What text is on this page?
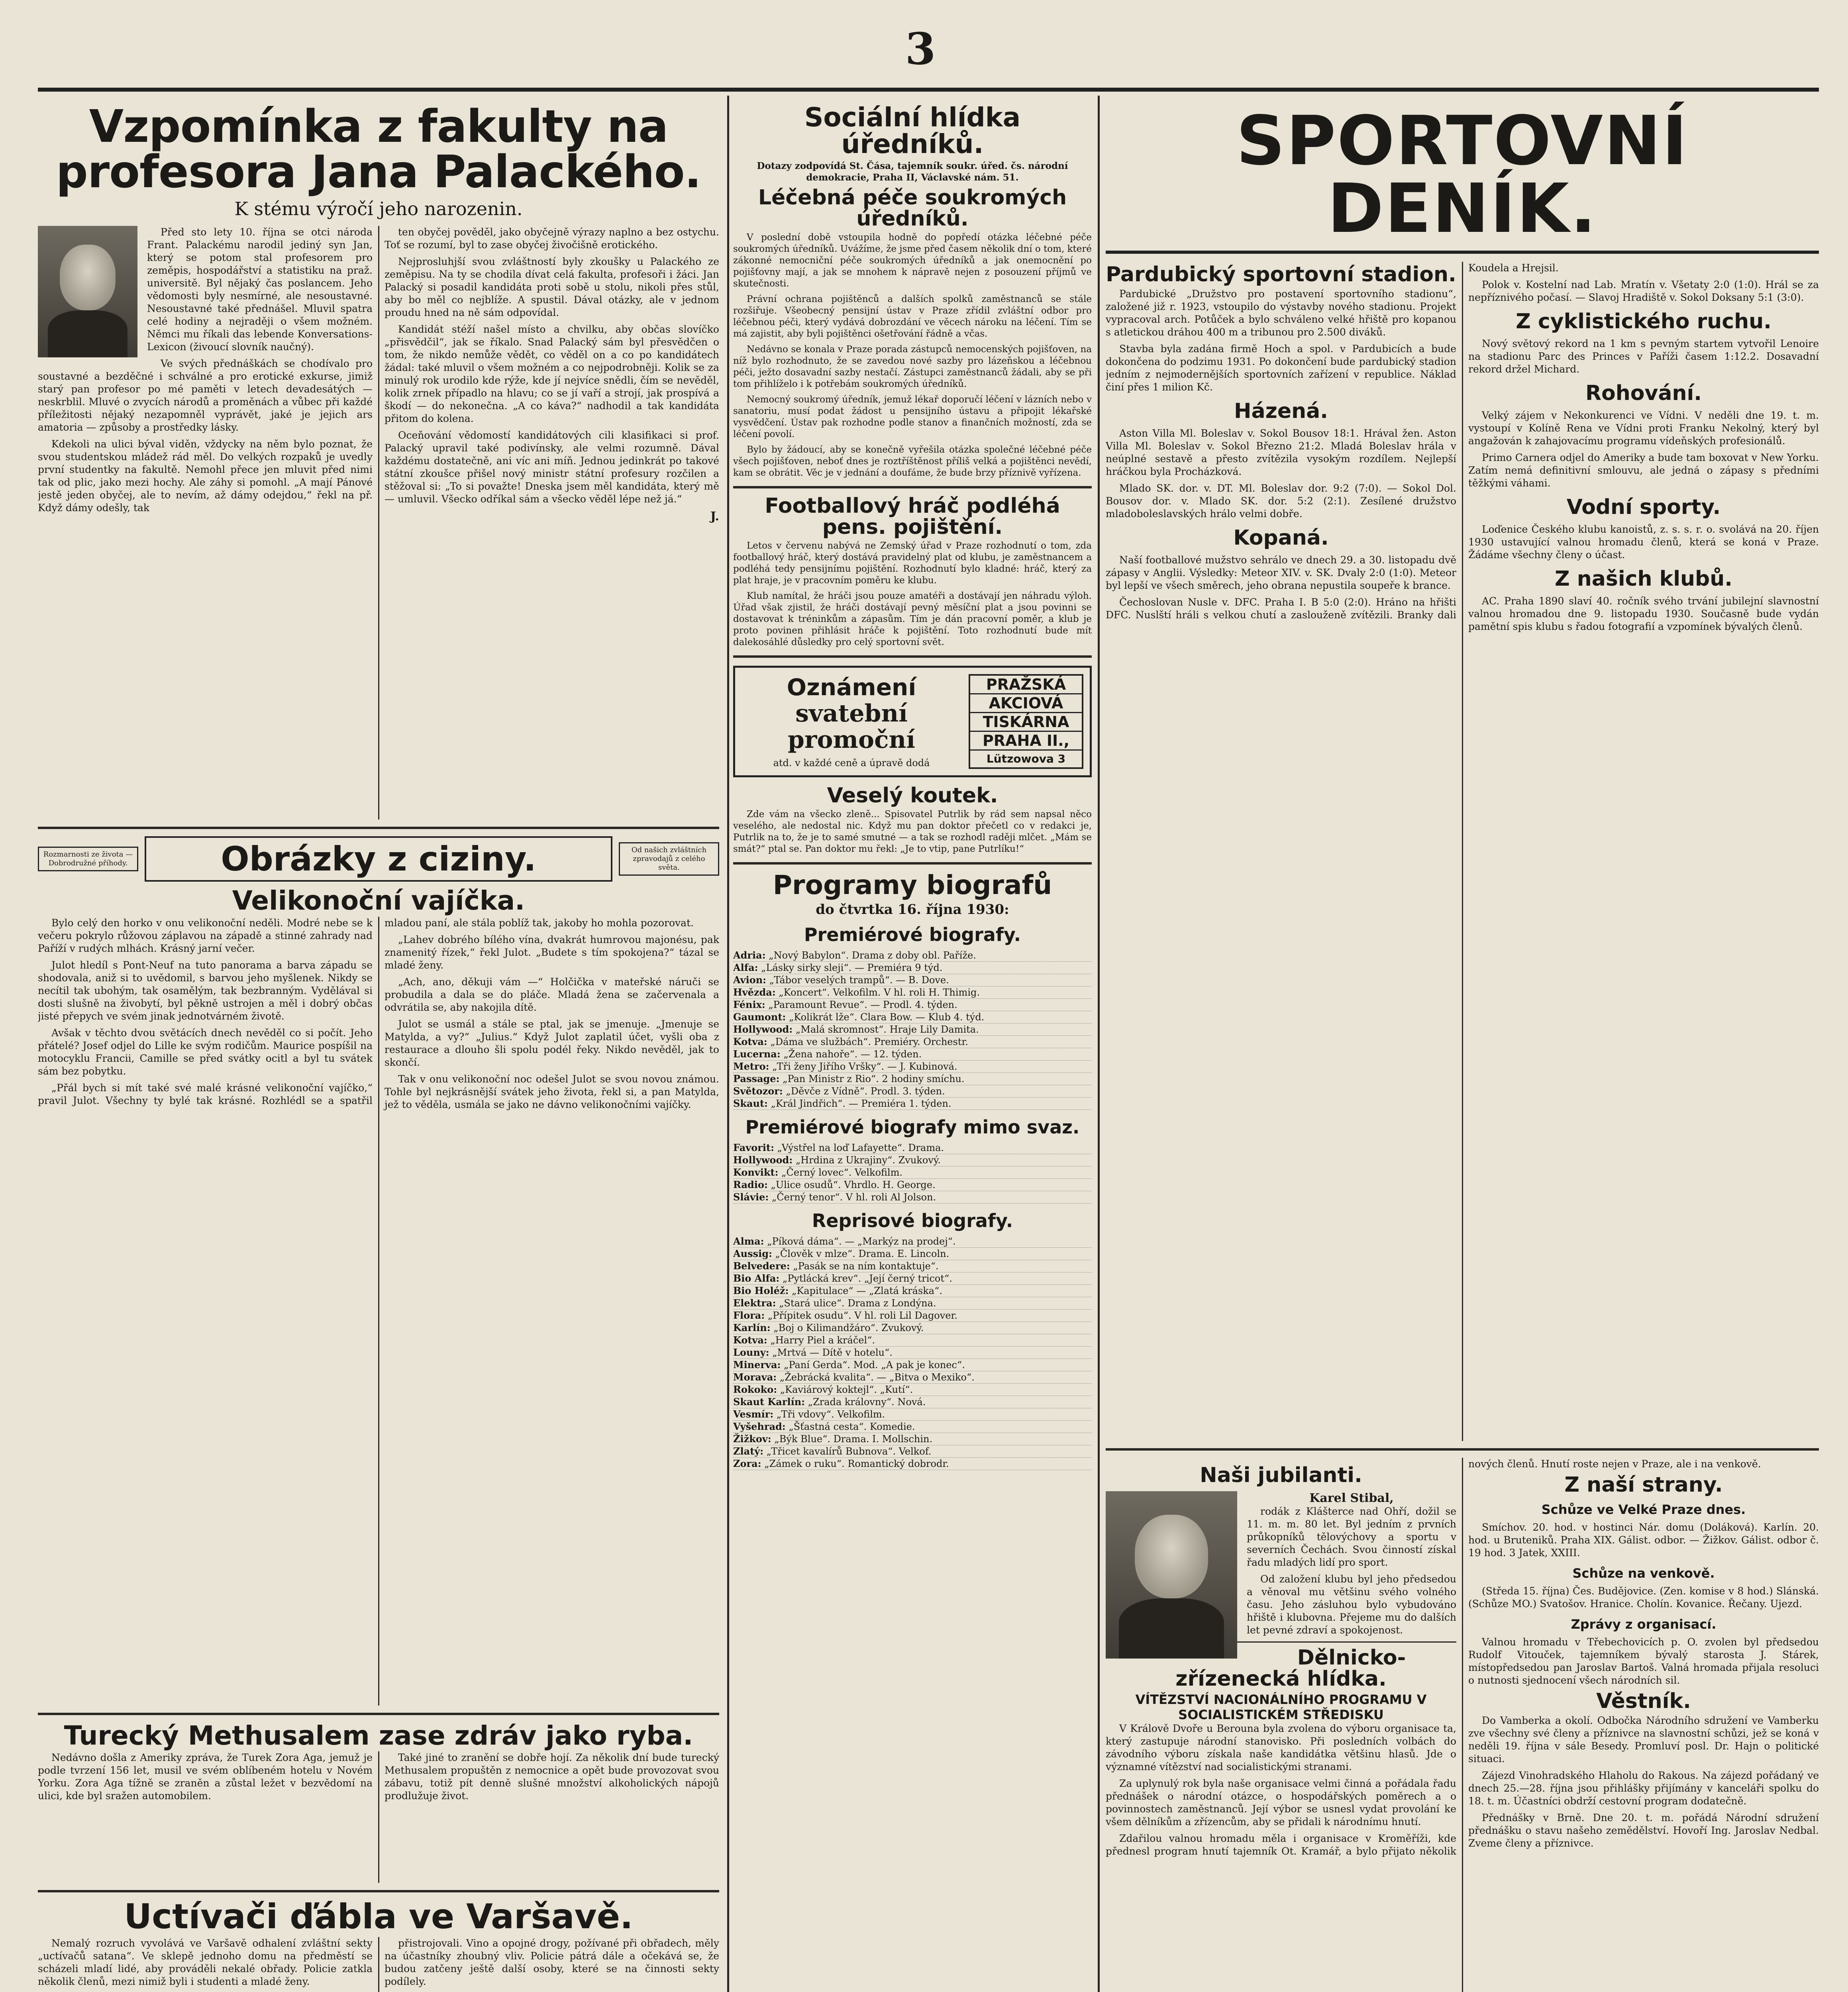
3
Vzpomínka z fakulty na profesora Jana Palackého.
K stému výročí jeho narozenin.

Před sto lety 10. října se otci národa Frant. Palackému narodil jediný syn Jan, který se potom stal profesorem pro zeměpis, hospodářství a statistiku na praž. universitě. Byl nějaký čas poslancem. Jeho vědomosti byly nesmírné, ale nesoustavné. Nesoustavné také přednášel. Mluvil spatra celé hodiny a nejraději o všem možném. Němci mu říkali das lebende Konversations-Lexicon (živoucí slovník naučný).

Ve svých přednáškách se chodívalo pro soustavné a bezděčné i schválné a pro erotické exkurse, jimiž starý pan profesor po mé paměti v letech devadesátých — neskrblil. Mluvé o zvycích národů a proměnách a vůbec při každé příležitosti nějaký nezapomněl vyprávět, jaké je jejich ars amatoria — způsoby a prostředky lásky.

Kdekoli na ulici býval viděn, vždycky na něm bylo poznat, že svou studentskou mládež rád měl. Do velkých rozpaků je uvedly první studentky na fakultě. Nemohl přece jen mluvit před nimi tak od plic, jako mezi hochy. Ale záhy si pomohl. „A mají Pánové jestě jeden obyčej, ale to nevím, až dámy odejdou,“ řekl na př. Když dámy odešly, tak

ten obyčej pověděl, jako obyčejně výrazy naplno a bez ostychu. Toť se rozumí, byl to zase obyčej živočišně erotického.

Nejprosluhjší svou zvláštností byly zkoušky u Palackého ze zeměpisu. Na ty se chodila dívat celá fakulta, profesoři i žáci. Jan Palacký si posadil kandidáta proti sobě u stolu, nikoli přes stůl, aby bo měl co nejblíže. A spustil. Dával otázky, ale v jednom proudu hned na ně sám odpovídal.

Kandidát stéží našel místo a chvilku, aby občas slovíčko „přisvědčil“, jak se říkalo. Snad Palacký sám byl přesvědčen o tom, že nikdo nemůže vědět, co věděl on a co po kandidátech žádal: také mluvil o všem možném a co nejpodrobněji. Kolik se za minulý rok urodilo kde rýže, kde jí nejvíce snědli, čím se nevěděl, kolik zrnek případlo na hlavu; co se jí vaří a strojí, jak prospívá a škodí — do nekonečna. „A co káva?“ nadhodil a tak kandidáta přitom do kolena.

Oceňování vědomostí kandidátových cili klasifikaci si prof. Palacký upravil také podivínsky, ale velmi rozumně. Dával každému dostatečně, ani víc ani míň. Jednou jedinkrát po takové státní zkoušce přišel nový ministr státní profesury rozčilen a stěžoval si: „To si považte! Dneska jsem měl kandidáta, který mě — umluvil. Všecko odříkal sám a všecko věděl lépe než já.“

J.
Rozmarnosti ze života — Dobrodružné příhody.	Obrázky z ciziny.	Od našich zvláštních zpravodajů z celého světa.
Velikonoční vajíčka.

Bylo celý den horko v onu velikonoční neděli. Modré nebe se k večeru pokrylo růžovou záplavou na západě a stinné zahrady nad Paříží v rudých mlhách. Krásný jarní večer.

Julot hledíl s Pont-Neuf na tuto panorama a barva západu se shodovala, aniž si to uvědomil, s barvou jeho myšlenek. Nikdy se necítil tak ubohým, tak osamělým, tak bezbranným. Vydělával si dosti slušně na živobytí, byl pěkně ustrojen a měl i dobrý občas jisté přepych ve svém jinak jednotvárném životě.

Avšak v těchto dvou světácích dnech nevěděl co si počít. Jeho přátelé? Josef odjel do Lille ke svým rodičům. Maurice pospíšil na motocyklu Francii, Camille se před svátky ocitl a byl tu svátek sám bez pobytku.

„Přál bych si mít také své malé krásné velikonoční vajíčko,“ pravil Julot. Všechny ty bylé tak krásné. Rozhlédl se a spatřil mladou paní, ale stála poblíž tak, jakoby ho mohla pozorovat.

„Lahev dobrého bílého vína, dvakrát humrovou majonésu, pak znamenitý řízek,“ řekl Julot. „Budete s tím spokojena?“ tázal se mladé ženy.

„Ach, ano, děkuji vám —“ Holčička v mateřské náruči se probudila a dala se do pláče. Mladá žena se začervenala a odvrátila se, aby nakojila dítě.

Julot se usmál a stále se ptal, jak se jmenuje. „Jmenuje se Matylda, a vy?“ „Julius.“ Když Julot zaplatil účet, vyšli oba z restaurace a dlouho šli spolu podél řeky. Nikdo nevěděl, jak to skončí.

Tak v onu velikonoční noc odešel Julot se svou novou známou. Tohle byl nejkrásnější svátek jeho života, řekl si, a pan Matylda, jež to věděla, usmála se jako ne dávno velikonočními vajíčky.

Turecký Methusalem zase zdráv jako ryba.

Nedávno došla z Ameriky zpráva, že Turek Zora Aga, jemuž je podle tvrzení 156 let, musil ve svém oblíbeném hotelu v Novém Yorku. Zora Aga tížně se zraněn a zůstal ležet v bezvědomí na ulici, kde byl sražen automobilem.

Také jiné to zranění se dobře hojí. Za několik dní bude turecký Methusalem propuštěn z nemocnice a opět bude provozovat svou zábavu, totiž pít denně slušné množství alkoholických nápojů prodlužuje život.

Uctívači ďábla ve Varšavě.

Nemalý rozruch vyvolává ve Varšavě odhalení zvláštní sekty „uctívačů satana“. Ve sklepě jednoho domu na předměstí se scházeli mladí lidé, aby prováděli nekalé obřady. Policie zatkla několik členů, mezi nimiž byli i studenti a mladé ženy.

přistrojovali. Vino a opojné drogy, požívané při obřadech, měly na účastníky zhoubný vliv. Policie pátrá dále a očekává se, že budou zatčeny ještě další osoby, které se na činnosti sekty podílely.

Sociální hlídka úředníků.

Dotazy zodpovídá St. Čása, tajemník soukr. úřed. čs. národní demokracie, Praha II, Václavské nám. 51.

Léčebná péče soukromých úředníků.

V poslední době vstoupila hodně do popředí otázka léčebné péče soukromých úředníků. Uvážíme, že jsme před časem několik dní o tom, které zákonné nemocniční péče soukromých úředníků a jak onemocnění po pojišťovny mají, a jak se mnohem k nápravě nejen z posouzení příjmů ve skutečnosti.

Právní ochrana pojištěnců a dalších spolků zaměstnanců se stále rozšiřuje. Všeobecný pensijní ústav v Praze zřídil zvláštní odbor pro léčebnou péči, který vydává dobrozdání ve věcech nároku na léčení. Tím se má zajistit, aby byli pojištěnci ošetřování řádně a včas.

Nedávno se konala v Praze porada zástupců nemocenských pojišťoven, na níž bylo rozhodnuto, že se zavedou nové sazby pro lázeňskou a léčebnou péči, ježto dosavadní sazby nestačí. Zástupci zaměstnanců žádali, aby se při tom přihlíželo i k potřebám soukromých úředníků.

Nemocný soukromý úředník, jemuž lékař doporučí léčení v lázních nebo v sanatoriu, musí podat žádost u pensijního ústavu a připojit lékařské vysvědčení. Ústav pak rozhodne podle stanov a finančních možností, zda se léčení povolí.

Bylo by žádoucí, aby se konečně vyřešila otázka společné léčebné péče všech pojišťoven, neboť dnes je roztříštěnost příliš velká a pojištěnci nevědí, kam se obrátit. Věc je v jednání a doufáme, že bude brzy příznivě vyřízena.

Footballový hráč podléhá pens. pojištění.

Letos v červenu nabývá ne Zemský úřad v Praze rozhodnutí o tom, zda footballový hráč, který dostává pravidelný plat od klubu, je zaměstnancem a podléhá tedy pensijnímu pojištění. Rozhodnutí bylo kladné: hráč, který za plat hraje, je v pracovním poměru ke klubu.

Klub namítal, že hráči jsou pouze amatéři a dostávají jen náhradu výloh. Úřad však zjistil, že hráči dostávají pevný měsíční plat a jsou povinni se dostavovat k tréninkům a zápasům. Tím je dán pracovní poměr, a klub je proto povinen přihlásit hráče k pojištění. Toto rozhodnutí bude mít dalekosáhlé důsledky pro celý sportovní svět.

Oznámení
svatební
promoční
atd. v každé ceně a úpravě dodá
PRAŽSKÁ
AKCIOVÁ
TISKÁRNA
PRAHA II.,
Lützowova 3
Veselý koutek.

Zde vám na všecko zleně... Spisovatel Putrlik by rád sem napsal něco veselého, ale nedostal nic. Když mu pan doktor přečetl co v redakci je, Putrlik na to, že je to samé smutné — a tak se rozhodl raději mlčet. „Mám se smát?“ ptal se. Pan doktor mu řekl: „Je to vtip, pane Putrlíku!“

Programy biografů
do čtvrtka 16. října 1930:
Premiérové biografy.
Adria: „Nový Babylon“. Drama z doby obl. Paříže.
Alfa: „Lásky sirky sleji“. — Premiéra 9 týd.
Avion: „Tábor veselých trampů“. — B. Dove.
Hvězda: „Koncert“. Velkofilm. V hl. roli H. Thimig.
Fénix: „Paramount Revue“. — Prodl. 4. týden.
Gaumont: „Kolikrát lže“. Clara Bow. — Klub 4. týd.
Hollywood: „Malá skromnost“. Hraje Lily Damita.
Kotva: „Dáma ve službách“. Premiéry. Orchestr.
Lucerna: „Žena nahoře“. — 12. týden.
Metro: „Tři ženy Jiřího Vršky“. — J. Kubinová.
Passage: „Pan Ministr z Rio“. 2 hodiny smíchu.
Světozor: „Děvče z Vídně“. Prodl. 3. týden.
Skaut: „Král Jindřich“. — Premiéra 1. týden.
Premiérové biografy mimo svaz.
Favorit: „Výstřel na loď Lafayette“. Drama.
Hollywood: „Hrdina z Ukrajiny“. Zvukový.
Konvikt: „Černý lovec“. Velkofilm.
Radio: „Ulice osudů“. Vhrdlo. H. George.
Slávie: „Černý tenor“. V hl. roli Al Jolson.
Reprisové biografy.
Alma: „Píková dáma“. — „Markýz na prodej“.
Aussig: „Člověk v mlze“. Drama. E. Lincoln.
Belvedere: „Pasák se na ním kontaktuje“.
Bio Alfa: „Pytlácká krev“. „Její černý tricot“.
Bio Holéž: „Kapitulace“ — „Zlatá kráska“.
Elektra: „Stará ulice“. Drama z Londýna.
Flora: „Přípitek osudu“. V hl. roli Lil Dagover.
Karlín: „Boj o Kilimandžáro“. Zvukový.
Kotva: „Harry Piel a kráčel“.
Louny: „Mrtvá — Dítě v hotelu“.
Minerva: „Paní Gerda“. Mod. „A pak je konec“.
Morava: „Žebrácká kvalita“. — „Bitva o Mexiko“.
Rokoko: „Kaviárový koktejl“. „Kutí“.
Skaut Karlín: „Zrada královny“. Nová.
Vesmír: „Tři vdovy“. Velkofilm.
Vyšehrad: „Šťastná cesta“. Komedie.
Žižkov: „Býk Blue“. Drama. I. Mollschin.
Zlatý: „Třicet kavalírů Bubnova“. Velkof.
Zora: „Zámek o ruku“. Romantický dobrodr.
SPORTOVNÍ DENÍK.
Pardubický sportovní stadion.

Pardubické „Družstvo pro postavení sportovního stadionu“, založené již r. 1923, vstoupilo do výstavby nového stadionu. Projekt vypracoval arch. Potůček a bylo schváleno velké hřiště pro kopanou s atletickou dráhou 400 m a tribunou pro 2.500 diváků.

Stavba byla zadána firmě Hoch a spol. v Pardubicích a bude dokončena do podzimu 1931. Po dokončení bude pardubický stadion jedním z nejmodernějších sportovních zařízení v republice. Náklad činí přes 1 milion Kč.

Házená.

Aston Villa Ml. Boleslav v. Sokol Bousov 18:1. Hrával žen. Aston Villa Ml. Boleslav v. Sokol Březno 21:2. Mladá Boleslav hrála v neúplné sestavě a přesto zvítězila vysokým rozdílem. Nejlepší hráčkou byla Procházková.

Mlado SK. dor. v. DT. Ml. Boleslav dor. 9:2 (7:0). — Sokol Dol. Bousov dor. v. Mlado SK. dor. 5:2 (2:1). Zesílené družstvo mladoboleslavských hrálo velmi dobře.

Kopaná.

Naší footballové mužstvo sehrálo ve dnech 29. a 30. listopadu dvě zápasy v Anglii. Výsledky: Meteor XIV. v. SK. Dvaly 2:0 (1:0). Meteor byl lepší ve všech směrech, jeho obrana nepustila soupeře k brance.

Čechoslovan Nusle v. DFC. Praha I. B 5:0 (2:0). Hráno na hřišti DFC. Nuslští hráli s velkou chutí a zaslouženě zvítězili. Branky dali Koudela a Hrejsil.

Polok v. Kostelní nad Lab. Mratín v. Všetaty 2:0 (1:0). Hrál se za nepříznivého počasí. — Slavoj Hradiště v. Sokol Doksany 5:1 (3:0).

Z cyklistického ruchu.

Nový světový rekord na 1 km s pevným startem vytvořil Lenoire na stadionu Parc des Princes v Paříži časem 1:12.2. Dosavadní rekord držel Michard.

Rohování.

Velký zájem v Nekonkurenci ve Vídni. V neděli dne 19. t. m. vystoupí v Kolíně Rena ve Vídni proti Franku Nekolný, který byl angažován k zahajovacímu programu vídeňských profesionálů.

Primo Carnera odjel do Ameriky a bude tam boxovat v New Yorku. Zatím nemá definitivní smlouvu, ale jedná o zápasy s předními těžkými váhami.

Vodní sporty.

Loďenice Českého klubu kanoistů, z. s. s. r. o. svolává na 20. říjen 1930 ustavující valnou hromadu členů, která se koná v Praze. Žádáme všechny členy o účast.

Z našich klubů.

AC. Praha 1890 slaví 40. ročník svého trvání jubilejní slavnostní valnou hromadou dne 9. listopadu 1930. Současně bude vydán pamětní spis klubu s řadou fotografií a vzpomínek bývalých členů.

Naši jubilanti.
Karel Stibal,

rodák z Klášterce nad Ohří, dožil se 11. m. m. 80 let. Byl jedním z prvních průkopníků tělovýchovy a sportu v severních Čechách. Svou činností získal řadu mladých lidí pro sport.

Od založení klubu byl jeho předsedou a věnoval mu většinu svého volného času. Jeho zásluhou bylo vybudováno hřiště i klubovna. Přejeme mu do dalších let pevné zdraví a spokojenost.

Dělnicko-zřízenecká hlídka.
VÍTĚZSTVÍ NACIONÁLNÍHO PROGRAMU V SOCIALISTICKÉM STŘEDISKU

V Králově Dvoře u Berouna byla zvolena do výboru organisace ta, který zastupuje národní stanovisko. Při posledních volbách do závodního výboru získala naše kandidátka většinu hlasů. Jde o významné vítězství nad socialistickými stranami.

Za uplynulý rok byla naše organisace velmi činná a pořádala řadu přednášek o národní otázce, o hospodářských poměrech a o povinnostech zaměstnanců. Její výbor se usnesl vydat provolání ke všem dělníkům a zřízencům, aby se přidali k národnímu hnutí.

Zdařilou valnou hromadu měla i organisace v Kroměříži, kde přednesl program hnutí tajemník Ot. Kramář, a bylo přijato několik nových členů. Hnutí roste nejen v Praze, ale i na venkově.

Z naší strany.
Schůze ve Velké Praze dnes.

Smíchov. 20. hod. v hostinci Nár. domu (Doláková). Karlín. 20. hod. u Bruteniků. Praha XIX. Gálist. odbor. — Žižkov. Gálist. odbor č. 19 hod. 3 Jatek, XXIII.

Schůze na venkově.

(Středa 15. října) Čes. Budějovice. (Zen. komise v 8 hod.) Slánská. (Schůze MO.) Svatošov. Hranice. Cholín. Kovanice. Řečany. Ujezd.

Zprávy z organisací.

Valnou hromadu v Třebechovicích p. O. zvolen byl předsedou Rudolf Vitouček, tajemníkem bývalý starosta J. Stárek, místopředsedou pan Jaroslav Bartoš. Valná hromada přijala resoluci o nutnosti sjednocení všech národních sil.

Věstník.

Do Vamberka a okolí. Odbočka Národního sdružení ve Vamberku zve všechny své členy a příznivce na slavnostní schůzi, jež se koná v neděli 19. října v sále Besedy. Promluví posl. Dr. Hajn o politické situaci.

Zájezd Vinohradského Hlaholu do Rakous. Na zájezd pořádaný ve dnech 25.—28. října jsou přihlášky přijímány v kanceláři spolku do 18. t. m. Účastníci obdrží cestovní program dodatečně.

Přednášky v Brně. Dne 20. t. m. pořádá Národní sdružení přednášku o stavu našeho zemědělství. Hovoří Ing. Jaroslav Nedbal. Zveme členy a příznivce.
